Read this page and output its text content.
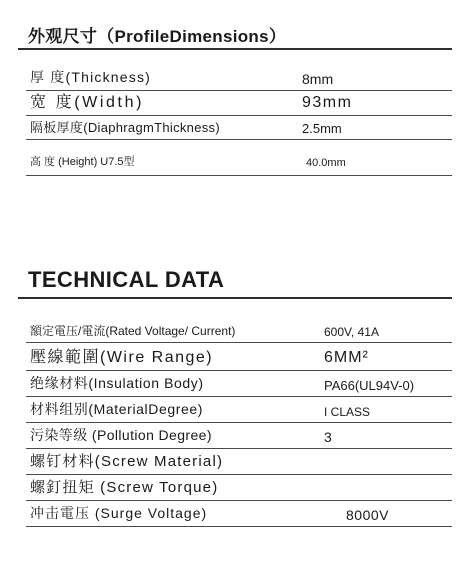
外观尺寸（ProfileDimensions）
厚 度(Thickness)	8mm
宽 度(Width)	93mm
隔板厚度(DiaphragmThickness)	2.5mm
高 度 (Height) U7.5型	40.0mm
TECHNICAL DATA
額定電压/電流(Rated Voltage/ Current)	600V, 41A
壓線範圍(Wire Range)	6MM²
绝缘材料(Insulation Body)	PA66(UL94V-0)
材料组别(MaterialDegree)	I CLASS
污染等级 (Pollution Degree)	3
螺钉材料(Screw Material)
螺釘扭矩 (Screw Torque)
冲击電压 (Surge Voltage)	8000V
